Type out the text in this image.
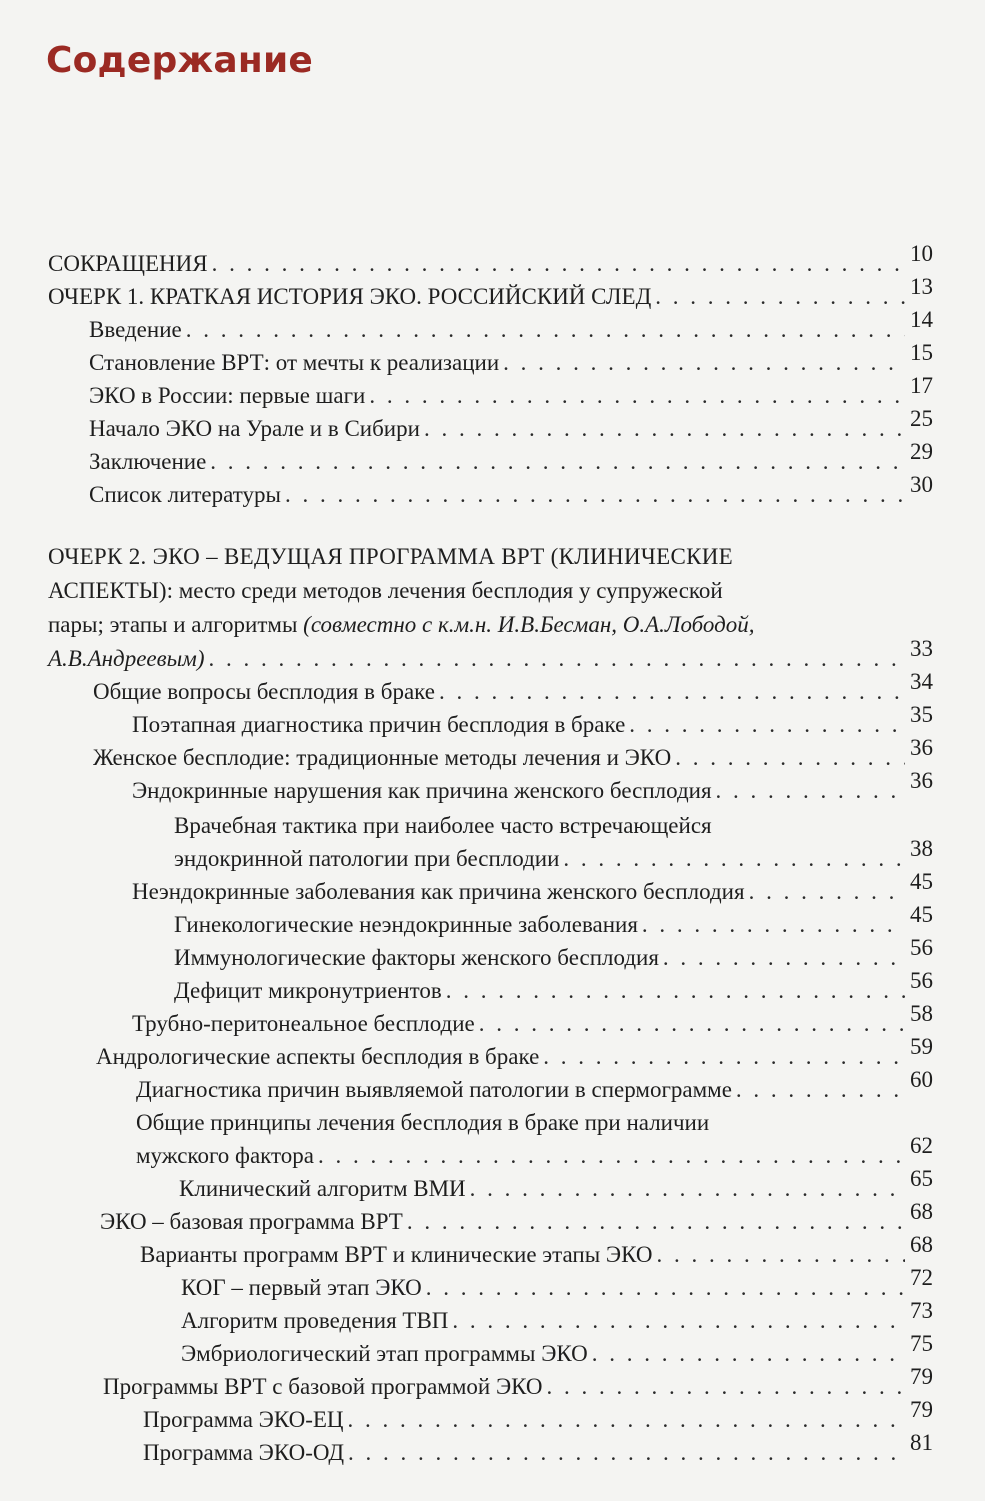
Содержание
СОКРАЩЕНИЯ . . .	10
ОЧЕРК 1. КРАТКАЯ ИСТОРИЯ ЭКО. РОССИЙСКИЙ СЛЕД . . .	13
Введение . . .	14
Становление ВРТ: от мечты к реализации . . .	15
ЭКО в России: первые шаги . . .	17
Начало ЭКО на Урале и в Сибири . . .	25
Заключение . . .	29
Список литературы . . .	30
ОЧЕРК 2. ЭКО – ВЕДУЩАЯ ПРОГРАММА ВРТ (КЛИНИЧЕСКИЕ
АСПЕКТЫ): место среди методов лечения бесплодия у супружеской
пары; этапы и алгоритмы (совместно с к.м.н. И.В.Бесман, О.А.Лободой,
А.В.Андреевым) . . .	33
Общие вопросы бесплодия в браке . . .	34
Поэтапная диагностика причин бесплодия в браке . . .	35
Женское бесплодие: традиционные методы лечения и ЭКО . . .	36
Эндокринные нарушения как причина женского бесплодия . . .	36
Врачебная тактика при наиболее часто встречающейся
эндокринной патологии при бесплодии . . .	38
Неэндокринные заболевания как причина женского бесплодия . . .	45
Гинекологические неэндокринные заболевания . . .	45
Иммунологические факторы женского бесплодия . . .	56
Дефицит микронутриентов . . .	56
Трубно-перитонеальное бесплодие . . .	58
Андрологические аспекты бесплодия в браке . . .	59
Диагностика причин выявляемой патологии в спермограмме . . .	60
Общие принципы лечения бесплодия в браке при наличии
мужского фактора . . .	62
Клинический алгоритм ВМИ . . .	65
ЭКО – базовая программа ВРТ . . .	68
Варианты программ ВРТ и клинические этапы ЭКО . . .	68
КОГ – первый этап ЭКО . . .	72
Алгоритм проведения ТВП . . .	73
Эмбриологический этап программы ЭКО . . .	75
Программы ВРТ с базовой программой ЭКО . . .	79
Программа ЭКО-ЕЦ . . .	79
Программа ЭКО-ОД . . .	81
